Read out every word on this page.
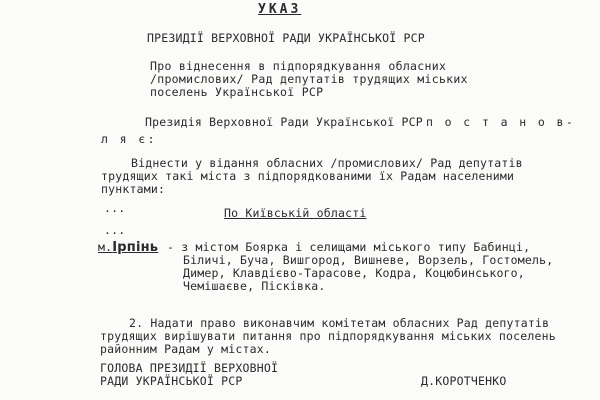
УКАЗ
ПРЕЗИДІЇ ВЕРХОВНОЇ РАДИ УКРАЇНСЬКОЇ РСР
Про віднесення в підпорядкування обласних
/промислових/ Рад депутатів трудящих міських
поселень Української РСР
Президія Верховної Ради Української РСР п о с т а н о в-
л я є:
Віднести у відання обласних /промислових/ Рад депутатів
трудящих такі міста з підпорядкованими їх Радам населеними
пунктами:
...	По Київській області
...
м.Ірпінь - з містом Боярка і селищами міського типу Бабинці,
Біличі, Буча, Вишгород, Вишневе, Ворзель, Гостомель,
Димер, Клавдієво-Тарасове, Кодра, Коцюбинського,
Чемішаєве, Пісківка.
2. Надати право виконавчим комітетам обласних Рад депутатів
трудящих вирішувати питання про підпорядкування міських поселень
районним Радам у містах.
ГОЛОВА ПРЕЗИДІЇ ВЕРХОВНОЇ
РАДИ УКРАЇНСЬКОЇ РСР	Д.КОРОТЧЕНКО
